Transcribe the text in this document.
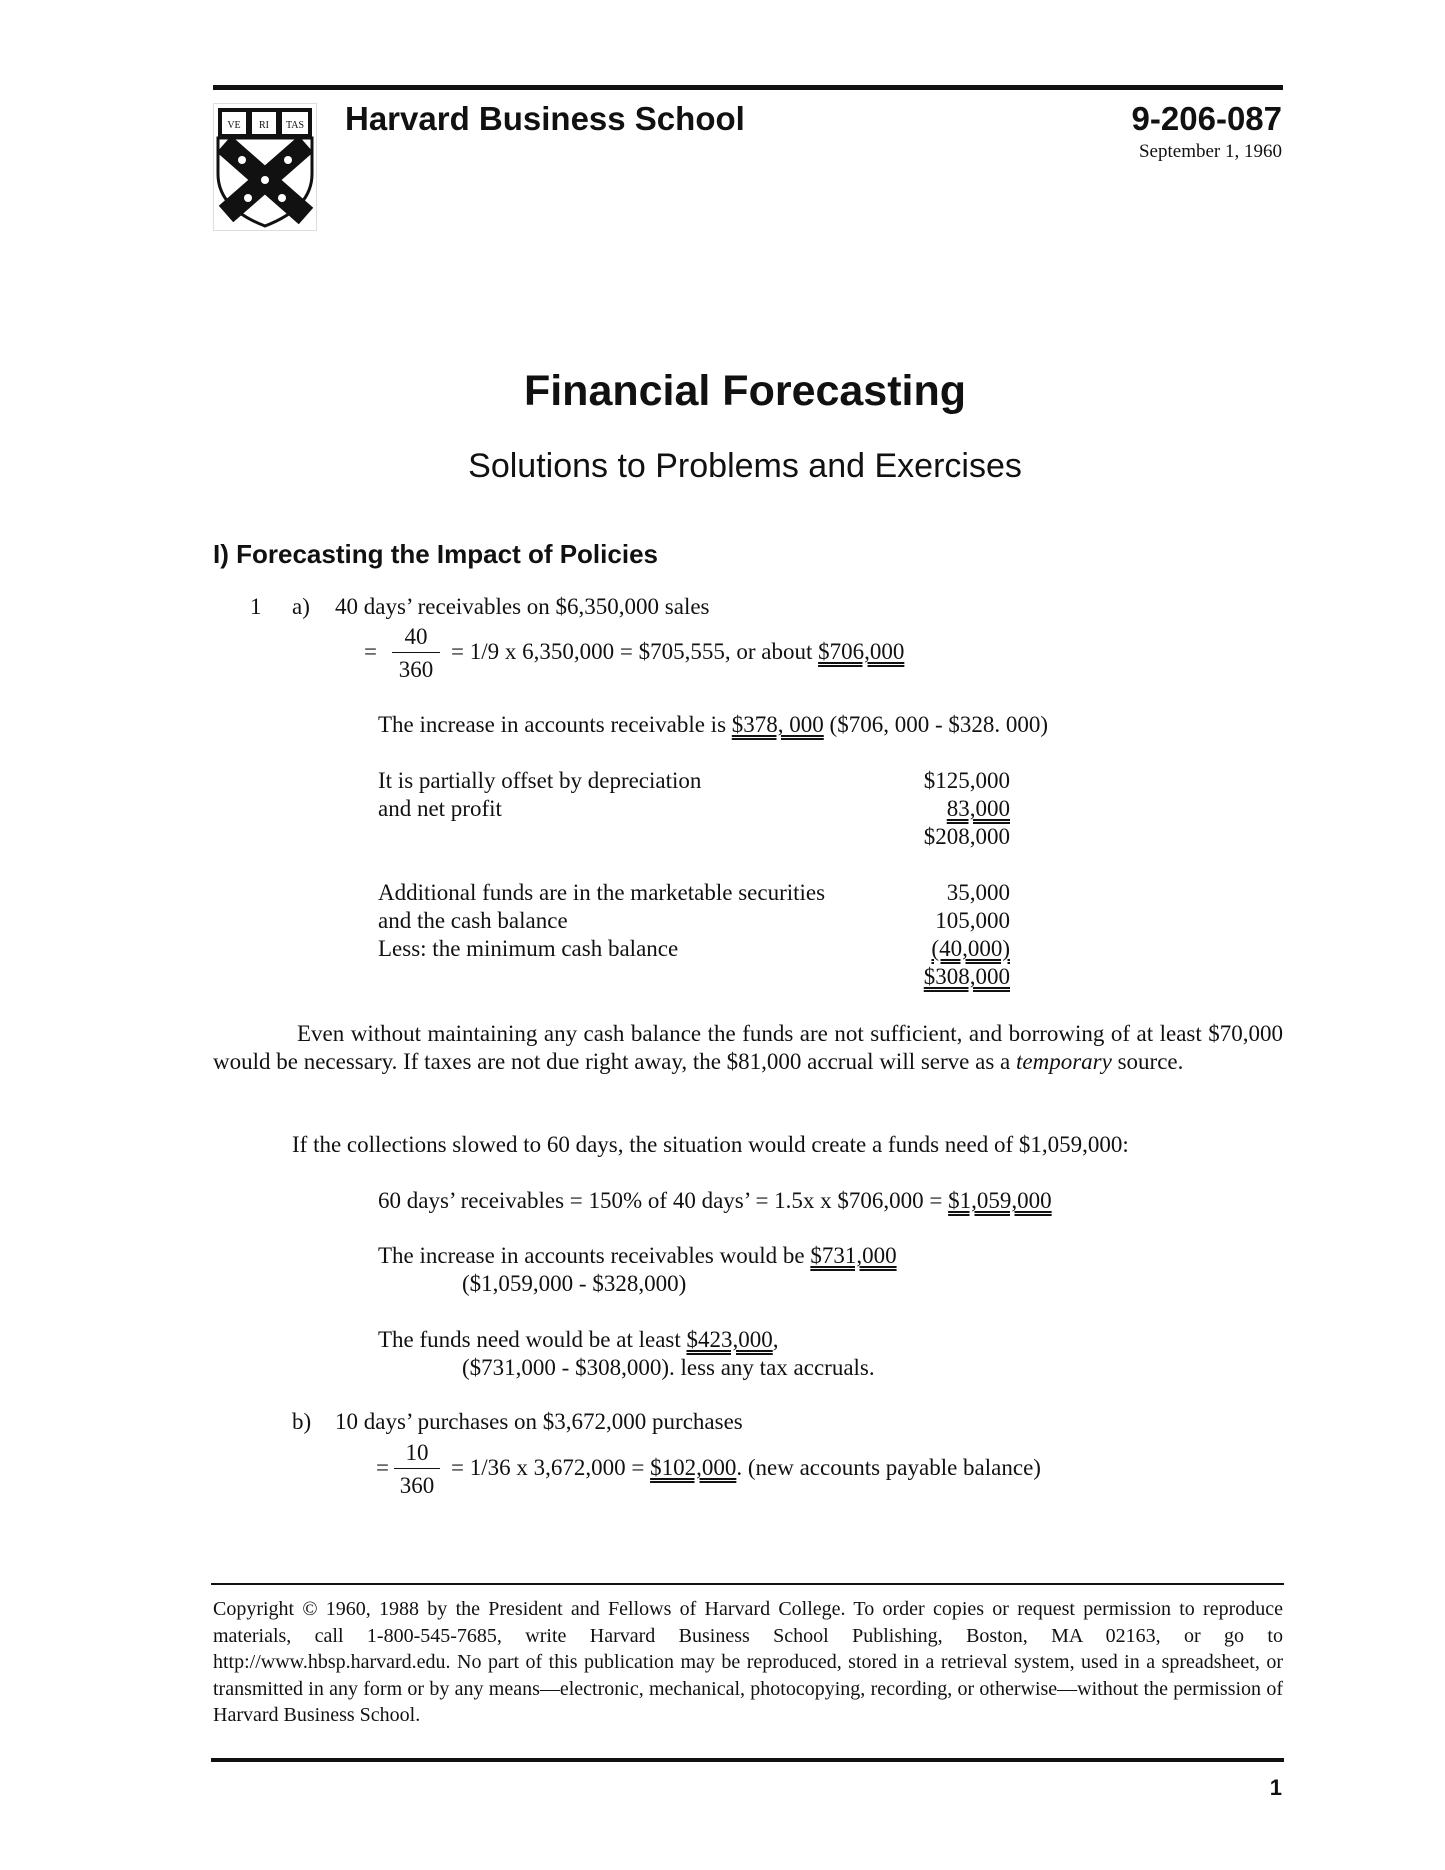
VE RI TAS Harvard Business School	9-206-087
September 1, 1960
Financial Forecasting
Solutions to Problems and Exercises
I) Forecasting the Impact of Policies
1 a) 40 days’ receivables on $6,350,000 sales
= $\frac{40}{360} = 1/9$ x 6,350,000 = $705,555, or about $706,000
The increase in accounts receivable is $378, 000 ($706, 000 - $328. 000)
It is partially offset by depreciation	$125,000
and net profit	83,000
$208,000
Additional funds are in the marketable securities	35,000
and the cash balance	105,000
Less: the minimum cash balance	(40,000)
$308,000
Even without maintaining any cash balance the funds are not sufficient, and borrowing of at least $70,000 would be necessary. If taxes are not due right away, the $81,000 accrual will serve as a temporary source.
If the collections slowed to 60 days, the situation would create a funds need of $1,059,000:
60 days’ receivables = 150% of 40 days’ = 1.5x x $706,000 = $1,059,000
The increase in accounts receivables would be $731,000
($1,059,000 - $328,000)
The funds need would be at least $423,000,
($731,000 - $308,000). less any tax accruals.
b) 10 days’ purchases on $3,672,000 purchases
= $\frac{10}{360} = 1/36$ x 3,672,000 = $102,000. (new accounts payable balance)
Copyright © 1960, 1988 by the President and Fellows of Harvard College. To order copies or request permission to reproduce materials, call 1-800-545-7685, write Harvard Business School Publishing, Boston, MA 02163, or go to http://www.hbsp.harvard.edu. No part of this publication may be reproduced, stored in a retrieval system, used in a spreadsheet, or transmitted in any form or by any means—electronic, mechanical, photocopying, recording, or otherwise—without the permission of Harvard Business School.
1
